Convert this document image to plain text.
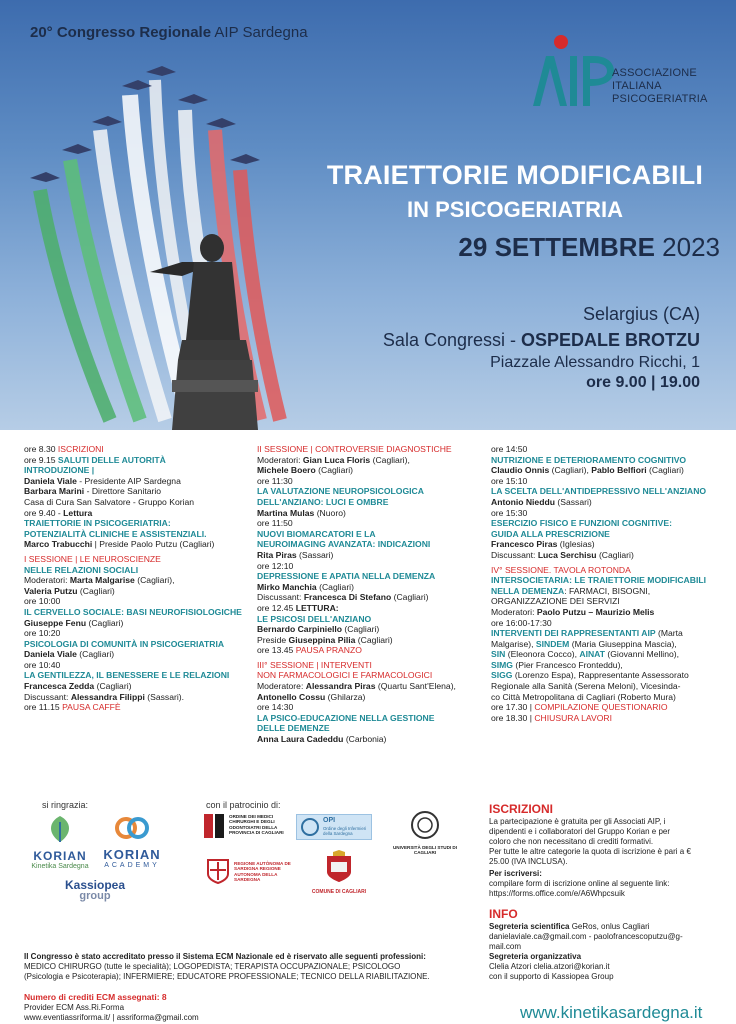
20° Congresso Regionale AIP Sardegna
ASSOCIAZIONE
ITALIANA
PSICOGERIATRIA
TRAIETTORIE MODIFICABILI
IN PSICOGERIATRIA
29 SETTEMBRE 2023
Selargius (CA)
Sala Congressi - OSPEDALE BROTZU
Piazzale Alessandro Ricchi, 1
ore 9.00 | 19.00
ore 8.30 ISCRIZIONI
ore 9.15 SALUTI DELLE AUTORITÀ
INTRODUZIONE |
Daniela Viale - Presidente AIP Sardegna
Barbara Marini - Direttore Sanitario
Casa di Cura San Salvatore - Gruppo Korian
ore 9.40 - Lettura
TRAIETTORIE IN PSICOGERIATRIA:
POTENZIALITÀ CLINICHE E ASSISTENZIALI.
Marco Trabucchi | Preside Paolo Putzu (Cagliari)
I SESSIONE | LE NEUROSCIENZE
NELLE RELAZIONI SOCIALI
Moderatori: Marta Malgarise (Cagliari),
Valeria Putzu (Cagliari)
ore 10:00
IL CERVELLO SOCIALE: BASI NEUROFISIOLOGICHE
Giuseppe Fenu (Cagliari)
ore 10:20
PSICOLOGIA DI COMUNITÀ IN PSICOGERIATRIA
Daniela Viale (Cagliari)
ore 10:40
LA GENTILEZZA, IL BENESSERE E LE RELAZIONI
Francesca Zedda (Cagliari)
Discussant: Alessandra Filippi (Sassari).
ore 11.15 PAUSA CAFFÈ
II SESSIONE | CONTROVERSIE DIAGNOSTICHE
Moderatori: Gian Luca Floris (Cagliari),
Michele Boero (Cagliari)
ore 11:30
LA VALUTAZIONE NEUROPSICOLOGICA
DELL'ANZIANO: LUCI E OMBRE
Martina Mulas (Nuoro)
ore 11:50
NUOVI BIOMARCATORI E LA
NEUROIMAGING AVANZATA: INDICAZIONI
Rita Piras (Sassari)
ore 12:10
DEPRESSIONE E APATIA NELLA DEMENZA
Mirko Manchia (Cagliari)
Discussant: Francesca Di Stefano (Cagliari)
ore 12.45 LETTURA:
LE PSICOSI DELL'ANZIANO
Bernardo Carpiniello (Cagliari)
Preside Giuseppina Pilia (Cagliari)
ore 13.45 PAUSA PRANZO
III° SESSIONE | INTERVENTI
NON FARMACOLOGICI E FARMACOLOGICI
Moderatore: Alessandra Piras (Quartu Sant'Elena),
Antonello Cossu (Ghilarza)
ore 14:30
LA PSICO-EDUCAZIONE NELLA GESTIONE
DELLE DEMENZE
Anna Laura Cadeddu (Carbonia)
ore 14:50
NUTRIZIONE E DETERIORAMENTO COGNITIVO
Claudio Onnis (Cagliari), Pablo Belfiori (Cagliari)
ore 15:10
LA SCELTA DELL'ANTIDEPRESSIVO NELL'ANZIANO
Antonio Nieddu (Sassari)
ore 15:30
ESERCIZIO FISICO E FUNZIONI COGNITIVE:
GUIDA ALLA PRESCRIZIONE
Francesco Piras (Iglesias)
Discussant: Luca Serchisu (Cagliari)
IV° SESSIONE. TAVOLA ROTONDA
INTERSOCIETARIA: LE TRAIETTORIE MODIFICABILI
NELLA DEMENZA: FARMACI, BISOGNI,
ORGANIZZAZIONE DEI SERVIZI
Moderatori: Paolo Putzu – Maurizio Melis
ore 16:00-17:30
INTERVENTI DEI RAPPRESENTANTI AIP (Marta
Malgarise), SINDEM (Maria Giuseppina Mascia),
SIN (Eleonora Cocco), AINAT (Giovanni Mellino),
SIMG (Pier Francesco Fronteddu),
SIGG (Lorenzo Espa), Rappresentante Assessorato
Regionale alla Sanità (Serena Meloni), Vicesinda-
co Città Metropolitana di Cagliari (Roberto Mura)
ore 17.30 | COMPILAZIONE QUESTIONARIO
ore 18.30 | CHIUSURA LAVORI
si ringrazia:	con il patrocinio di:
KORIAN
Kinetika Sardegna
KORIAN
ACADEMY
Kassiopea
group
ORDINE DEI MEDICI CHIRURGHI E DEGLI ODONTOIATRI DELLA PROVINCIA DI CAGLIARI
OPI
Ordine degli Infermieri della Sardegna
UNIVERSITÀ DEGLI STUDI DI CAGLIARI
REGIONE AUTÒNOMA DE SARDIGNA REGIONE AUTONOMA DELLA SARDEGNA
COMUNE DI CAGLIARI
ISCRIZIONI
La partecipazione è gratuita per gli Associati AIP, i
dipendenti e i collaboratori del Gruppo Korian e per
coloro che non necessitano di crediti formativi.
Per tutte le altre categorie la quota di iscrizione è pari a €
25.00 (IVA INCLUSA).
Per iscriversi:
compilare form di iscrizione online al seguente link:
https://forms.office.com/e/A6Whpcsuik
INFO
Segreteria scientifica GeRos, onlus Cagliari
danielaviale.ca@gmail.com - paolofrancescoputzu@g-
mail.com
Segreteria organizzativa
Clelia Atzori clelia.atzori@korian.it
con il supporto di Kassiopea Group
Il Congresso è stato accreditato presso il Sistema ECM Nazionale ed è riservato alle seguenti professioni:
MEDICO CHIRURGO (tutte le specialità); LOGOPEDISTA; TERAPISTA OCCUPAZIONALE; PSICOLOGO
(Psicologia e Psicoterapia); INFERMIERE; EDUCATORE PROFESSIONALE; TECNICO DELLA RIABILITAZIONE.
Numero di crediti ECM assegnati: 8
Provider ECM Ass.Ri.Forma
www.eventiassriforma.it/ | assriforma@gmail.com	www.kinetikasardegna.it
